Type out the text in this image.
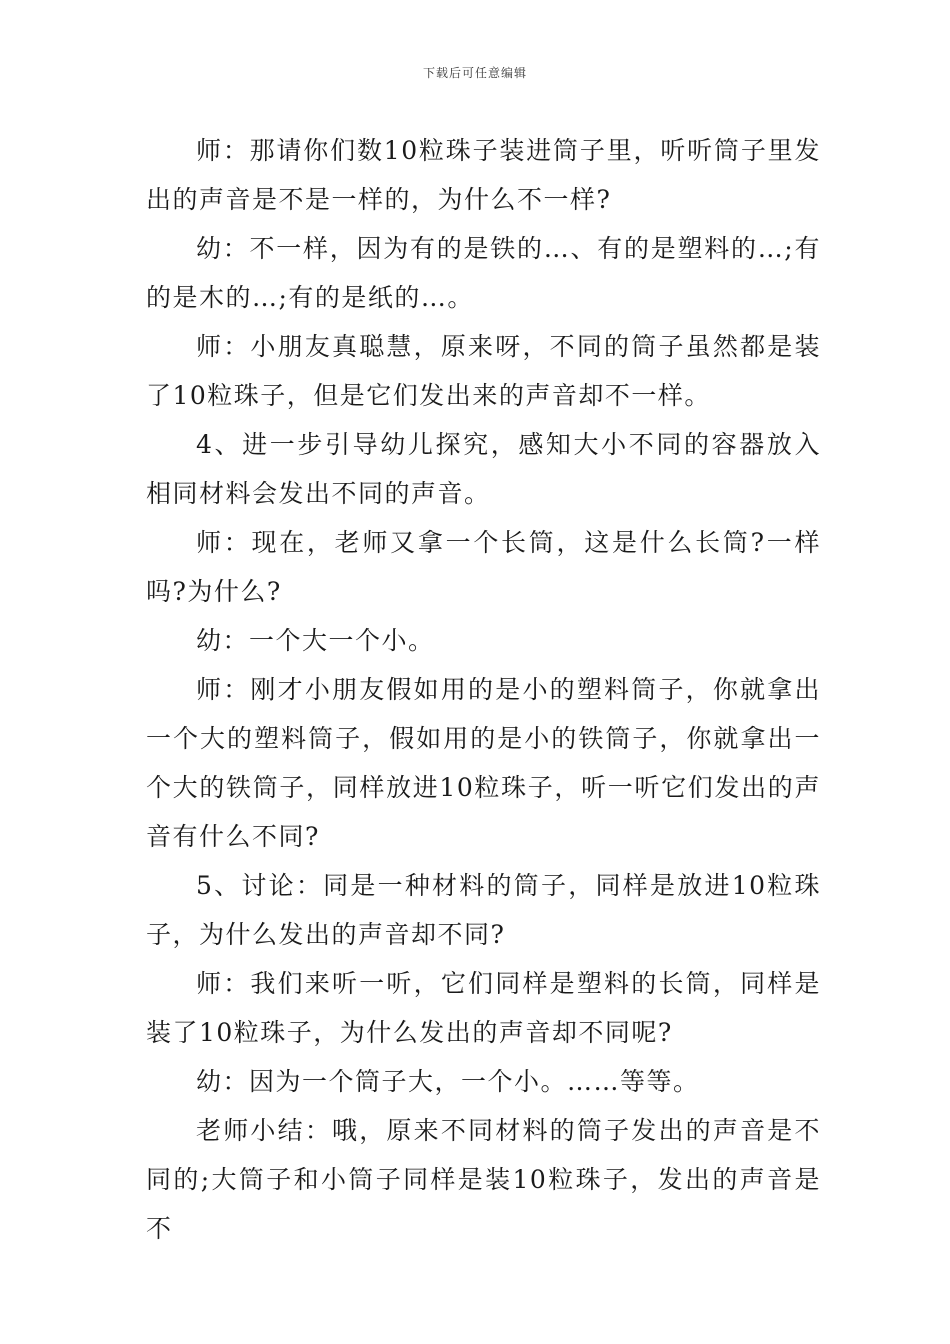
下载后可任意编辑

师：那请你们数10粒珠子装进筒子里，听听筒子里发出的声音是不是一样的，为什么不一样?

幼：不一样，因为有的是铁的…、有的是塑料的…;有的是木的…;有的是纸的…。

师：小朋友真聪慧，原来呀，不同的筒子虽然都是装了10粒珠子，但是它们发出来的声音却不一样。

4、进一步引导幼儿探究，感知大小不同的容器放入相同材料会发出不同的声音。

师：现在，老师又拿一个长筒，这是什么长筒?一样吗?为什么?

幼：一个大一个小。

师：刚才小朋友假如用的是小的塑料筒子，你就拿出一个大的塑料筒子，假如用的是小的铁筒子，你就拿出一个大的铁筒子，同样放进10粒珠子，听一听它们发出的声音有什么不同?

5、讨论：同是一种材料的筒子，同样是放进10粒珠子，为什么发出的声音却不同?

师：我们来听一听，它们同样是塑料的长筒，同样是装了10粒珠子，为什么发出的声音却不同呢?

幼：因为一个筒子大，一个小。……等等。

老师小结：哦，原来不同材料的筒子发出的声音是不同的;大筒子和小筒子同样是装10粒珠子，发出的声音是不
